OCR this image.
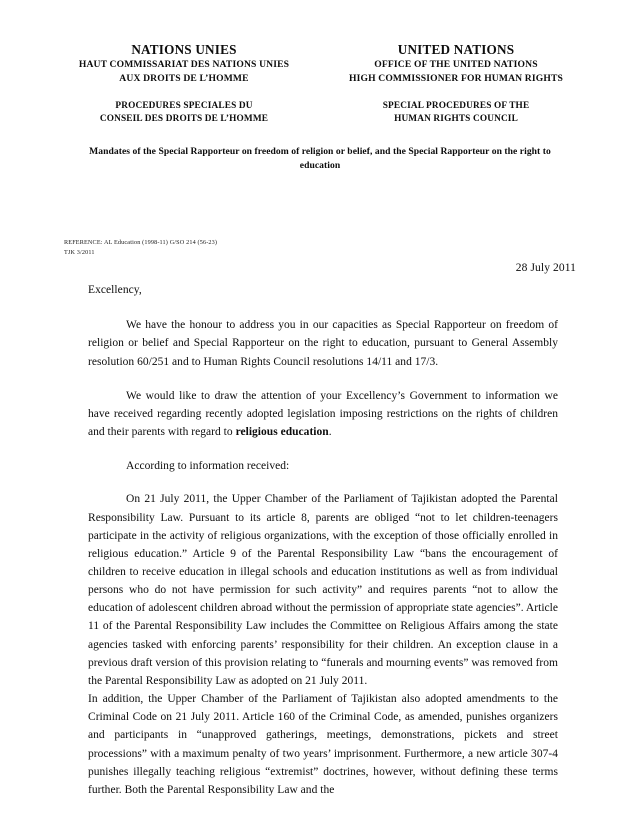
NATIONS UNIES
HAUT COMMISSARIAT DES NATIONS UNIES
AUX DROITS DE L’HOMME
UNITED NATIONS
OFFICE OF THE UNITED NATIONS
HIGH COMMISSIONER FOR HUMAN RIGHTS
PROCEDURES SPECIALES DU
CONSEIL DES DROITS DE L’HOMME
SPECIAL PROCEDURES OF THE
HUMAN RIGHTS COUNCIL
Mandates of the Special Rapporteur on freedom of religion or belief, and the Special Rapporteur on the right to education
REFERENCE: AL Education (1998-11) G/SO 214 (56-23)
TJK 3/2011
28 July 2011
Excellency,

We have the honour to address you in our capacities as Special Rapporteur on freedom of religion or belief and Special Rapporteur on the right to education, pursuant to General Assembly resolution 60/251 and to Human Rights Council resolutions 14/11 and 17/3.

We would like to draw the attention of your Excellency’s Government to information we have received regarding recently adopted legislation imposing restrictions on the rights of children and their parents with regard to religious education.

According to information received:

On 21 July 2011, the Upper Chamber of the Parliament of Tajikistan adopted the Parental Responsibility Law. Pursuant to its article 8, parents are obliged “not to let children-teenagers participate in the activity of religious organizations, with the exception of those officially enrolled in religious education.” Article 9 of the Parental Responsibility Law “bans the encouragement of children to receive education in illegal schools and education institutions as well as from individual persons who do not have permission for such activity” and requires parents “not to allow the education of adolescent children abroad without the permission of appropriate state agencies”. Article 11 of the Parental Responsibility Law includes the Committee on Religious Affairs among the state agencies tasked with enforcing parents’ responsibility for their children. An exception clause in a previous draft version of this provision relating to “funerals and mourning events” was removed from the Parental Responsibility Law as adopted on 21 July 2011.

In addition, the Upper Chamber of the Parliament of Tajikistan also adopted amendments to the Criminal Code on 21 July 2011. Article 160 of the Criminal Code, as amended, punishes organizers and participants in “unapproved gatherings, meetings, demonstrations, pickets and street processions” with a maximum penalty of two years’ imprisonment. Furthermore, a new article 307-4 punishes illegally teaching religious “extremist” doctrines, however, without defining these terms further. Both the Parental Responsibility Law and the
